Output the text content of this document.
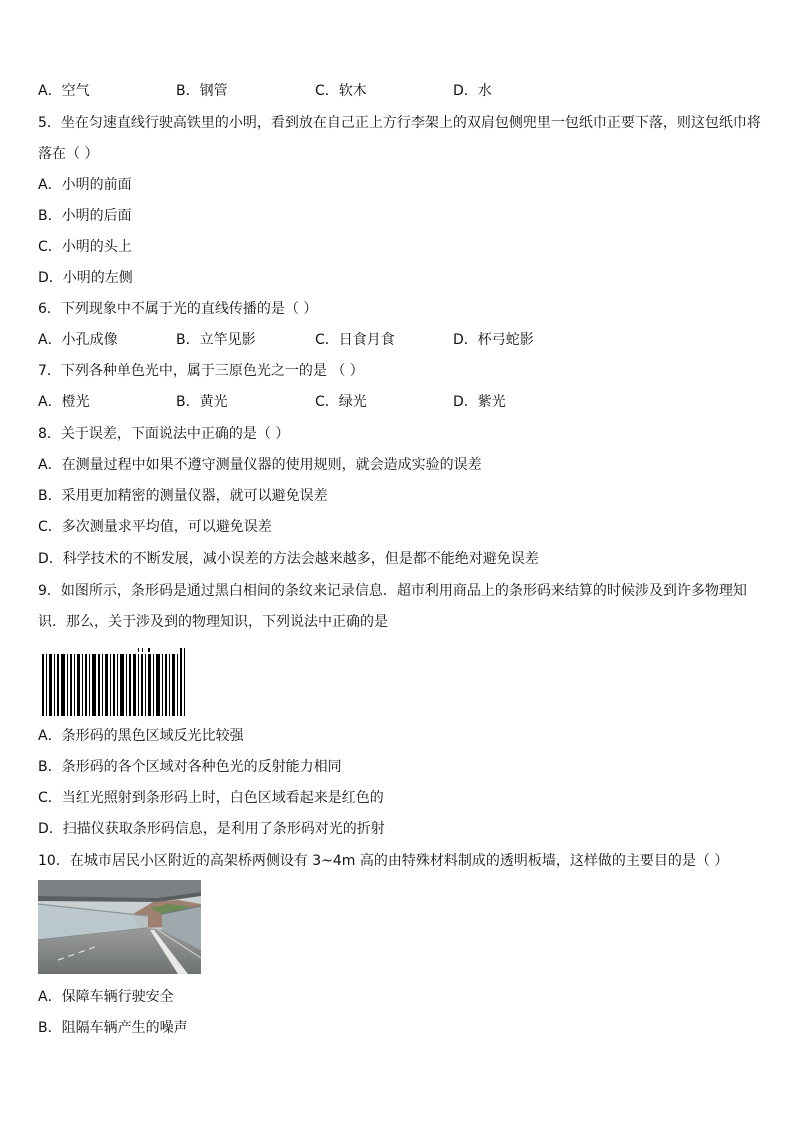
A．空气	B．钢管	C．软木	D．水
5．坐在匀速直线行驶高铁里的小明，看到放在自己正上方行李架上的双肩包侧兜里一包纸巾正要下落，则这包纸巾将
落在（ ）
A．小明的前面
B．小明的后面
C．小明的头上
D．小明的左侧
6．下列现象中不属于光的直线传播的是（ ）
A．小孔成像	B．立竿见影	C．日食月食	D．杯弓蛇影
7．下列各种单色光中，属于三原色光之一的是 （ ）
A．橙光	B．黄光	C．绿光	D．紫光
8．关于误差，下面说法中正确的是（ ）
A．在测量过程中如果不遵守测量仪器的使用规则，就会造成实验的误差
B．采用更加精密的测量仪器，就可以避免误差
C．多次测量求平均值，可以避免误差
D．科学技术的不断发展，减小误差的方法会越来越多，但是都不能绝对避免误差
9．如图所示，条形码是通过黑白相间的条纹来记录信息．超市利用商品上的条形码来结算的时候涉及到许多物理知
识．那么，关于涉及到的物理知识，下列说法中正确的是
A．条形码的黑色区域反光比较强
B．条形码的各个区域对各种色光的反射能力相同
C．当红光照射到条形码上时，白色区域看起来是红色的
D．扫描仪获取条形码信息，是利用了条形码对光的折射
10．在城市居民小区附近的高架桥两侧设有 3~4m 高的由特殊材料制成的透明板墙，这样做的主要目的是（ ）
A．保障车辆行驶安全
B．阻隔车辆产生的噪声
